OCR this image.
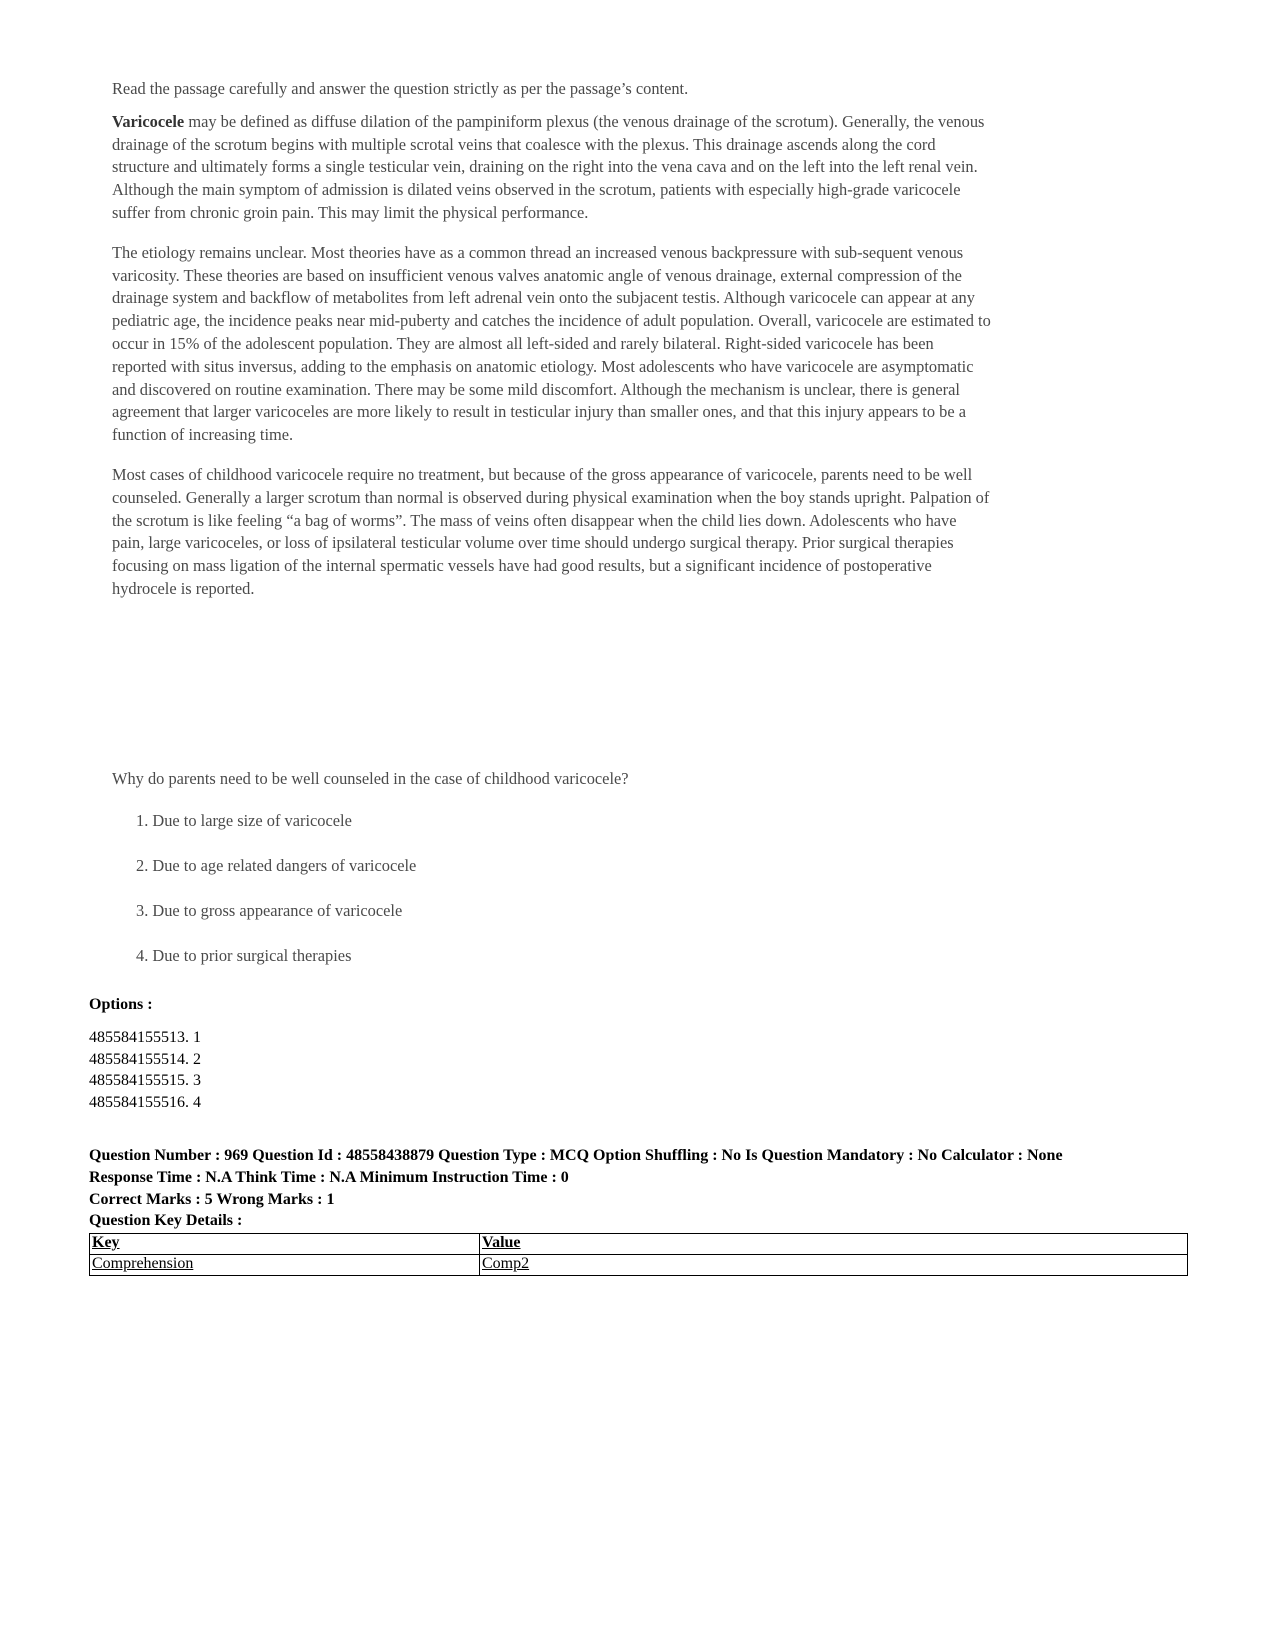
Read the passage carefully and answer the question strictly as per the passage’s content.

Varicocele may be defined as diffuse dilation of the pampiniform plexus (the venous drainage of the scrotum). Generally, the venous drainage of the scrotum begins with multiple scrotal veins that coalesce with the plexus. This drainage ascends along the cord structure and ultimately forms a single testicular vein, draining on the right into the vena cava and on the left into the left renal vein. Although the main symptom of admission is dilated veins observed in the scrotum, patients with especially high-grade varicocele suffer from chronic groin pain. This may limit the physical performance.

The etiology remains unclear. Most theories have as a common thread an increased venous backpressure with sub-sequent venous varicosity. These theories are based on insufficient venous valves anatomic angle of venous drainage, external compression of the drainage system and backflow of metabolites from left adrenal vein onto the subjacent testis. Although varicocele can appear at any pediatric age, the incidence peaks near mid-puberty and catches the incidence of adult population. Overall, varicocele are estimated to occur in 15% of the adolescent population. They are almost all left-sided and rarely bilateral. Right-sided varicocele has been reported with situs inversus, adding to the emphasis on anatomic etiology. Most adolescents who have varicocele are asymptomatic and discovered on routine examination. There may be some mild discomfort. Although the mechanism is unclear, there is general agreement that larger varicoceles are more likely to result in testicular injury than smaller ones, and that this injury appears to be a function of increasing time.

Most cases of childhood varicocele require no treatment, but because of the gross appearance of varicocele, parents need to be well counseled. Generally a larger scrotum than normal is observed during physical examination when the boy stands upright. Palpation of the scrotum is like feeling “a bag of worms”. The mass of veins often disappear when the child lies down. Adolescents who have pain, large varicoceles, or loss of ipsilateral testicular volume over time should undergo surgical therapy. Prior surgical therapies focusing on mass ligation of the internal spermatic vessels have had good results, but a significant incidence of postoperative hydrocele is reported.

Why do parents need to be well counseled in the case of childhood varicocele?

1. Due to large size of varicocele
2. Due to age related dangers of varicocele
3. Due to gross appearance of varicocele
4. Due to prior surgical therapies

Options :

485584155513. 1
485584155514. 2
485584155515. 3
485584155516. 4
Question Number : 969 Question Id : 48558438879 Question Type : MCQ Option Shuffling : No Is Question Mandatory : No Calculator : None
Response Time : N.A Think Time : N.A Minimum Instruction Time : 0
Correct Marks : 5 Wrong Marks : 1
Question Key Details :
Key	Value
Comprehension	Comp2
